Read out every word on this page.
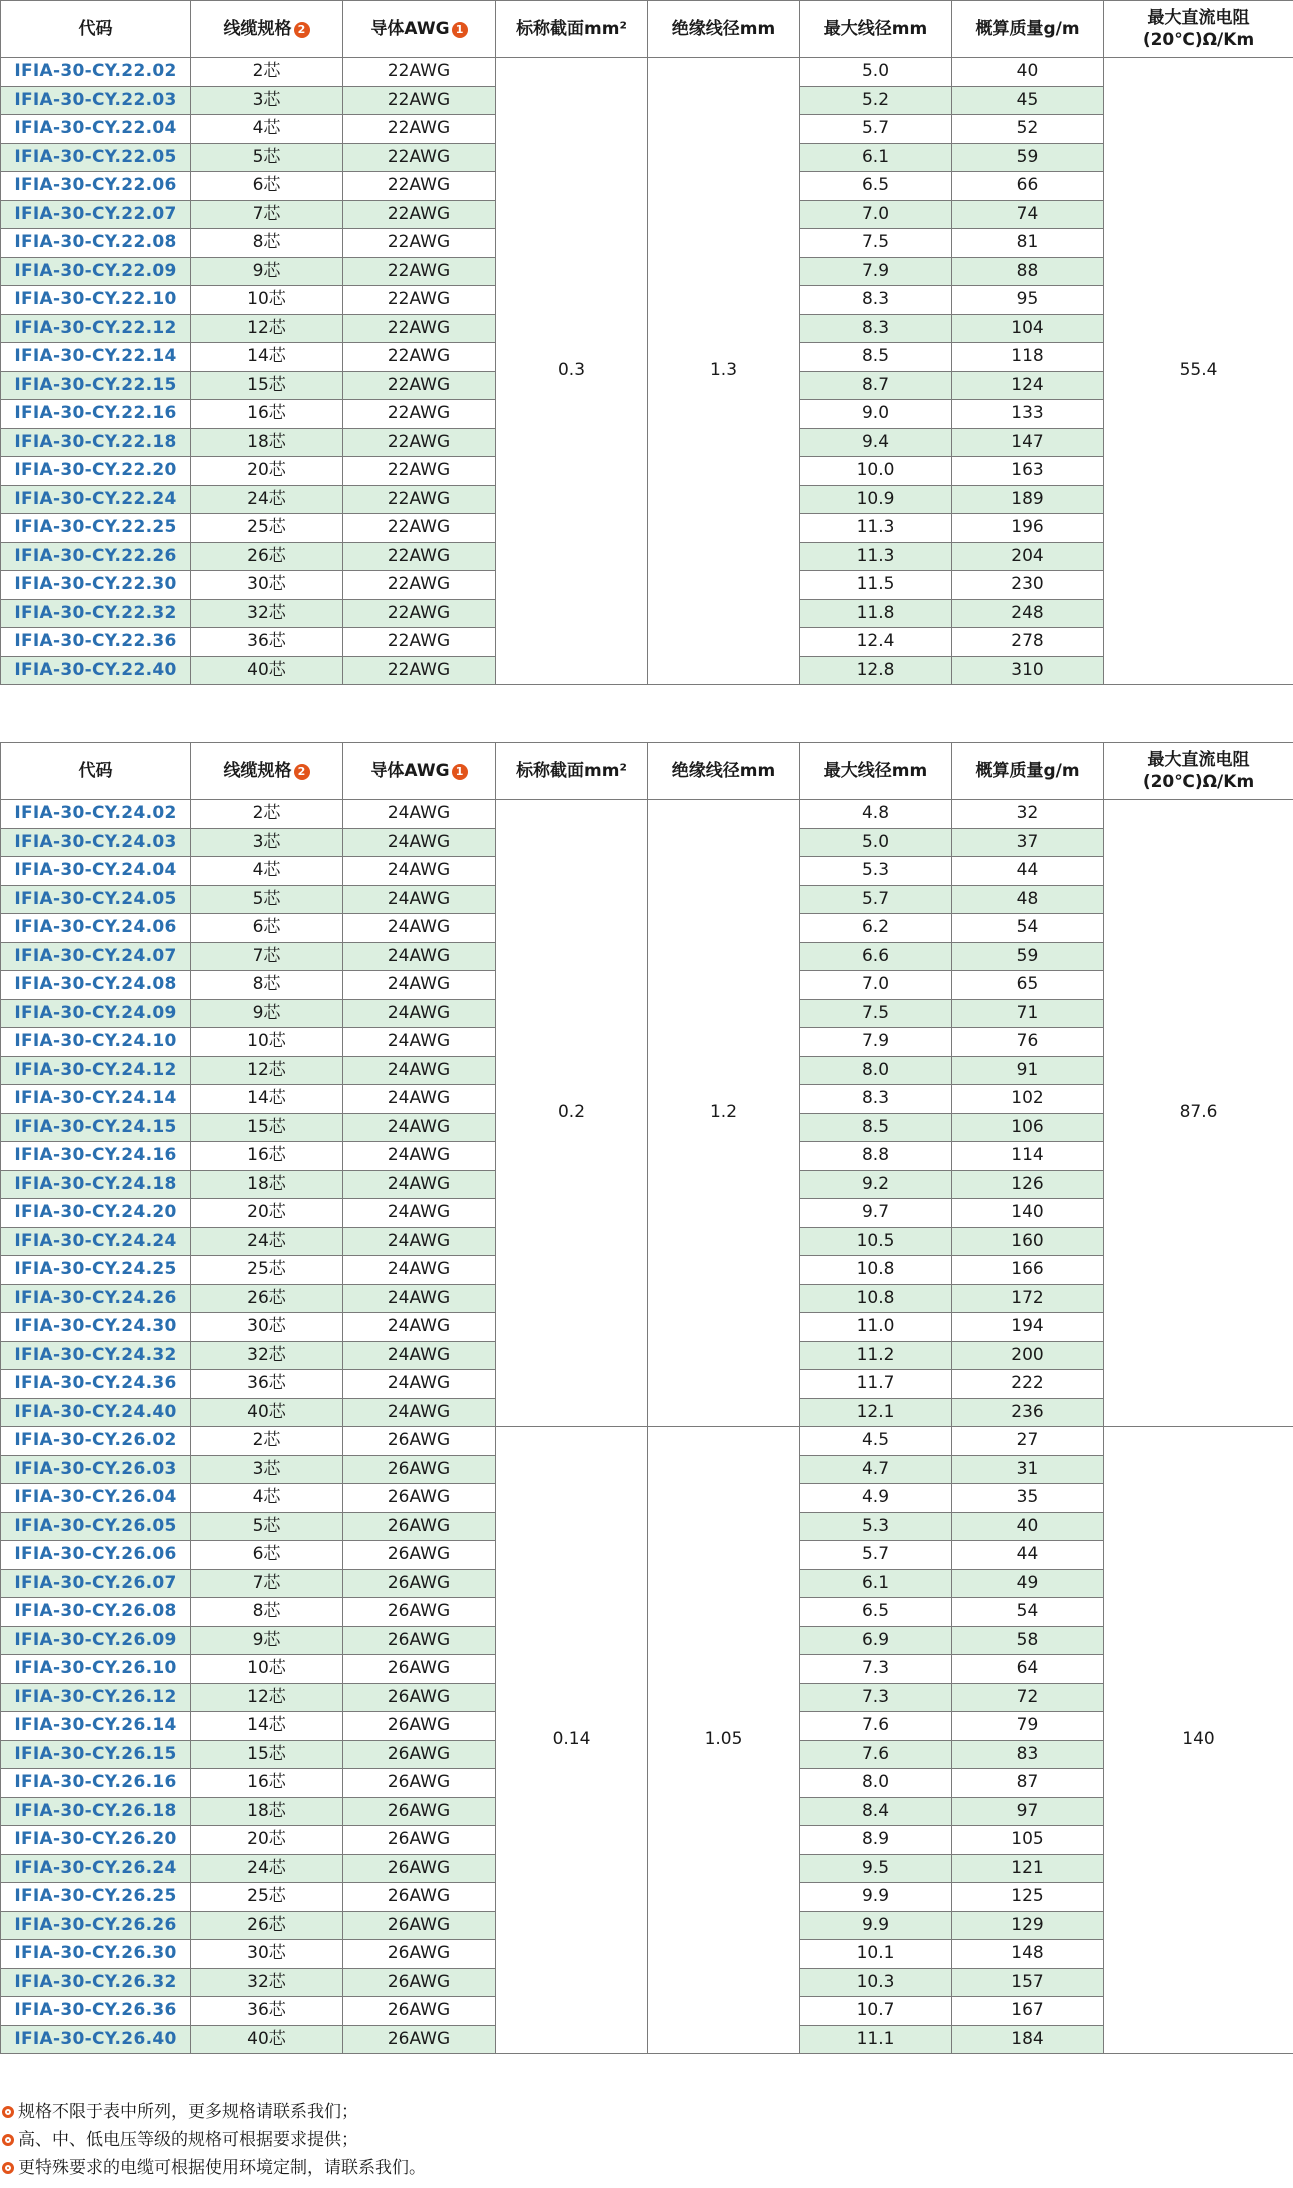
代码	线缆规格 2	导体AWG 1	标称截面mm²	绝缘线径mm	最大线径mm	概算质量g/m	最大直流电阻
(20℃)Ω/Km
IFIA-30-CY.22.02	2芯	22AWG	0.3	1.3	5.0	40	55.4
IFIA-30-CY.22.03	3芯	22AWG			5.2	45	
IFIA-30-CY.22.04	4芯	22AWG			5.7	52	
IFIA-30-CY.22.05	5芯	22AWG			6.1	59	
IFIA-30-CY.22.06	6芯	22AWG			6.5	66	
IFIA-30-CY.22.07	7芯	22AWG			7.0	74	
IFIA-30-CY.22.08	8芯	22AWG			7.5	81	
IFIA-30-CY.22.09	9芯	22AWG			7.9	88	
IFIA-30-CY.22.10	10芯	22AWG			8.3	95	
IFIA-30-CY.22.12	12芯	22AWG			8.3	104	
IFIA-30-CY.22.14	14芯	22AWG			8.5	118	
IFIA-30-CY.22.15	15芯	22AWG			8.7	124	
IFIA-30-CY.22.16	16芯	22AWG			9.0	133	
IFIA-30-CY.22.18	18芯	22AWG			9.4	147	
IFIA-30-CY.22.20	20芯	22AWG			10.0	163	
IFIA-30-CY.22.24	24芯	22AWG			10.9	189	
IFIA-30-CY.22.25	25芯	22AWG			11.3	196	
IFIA-30-CY.22.26	26芯	22AWG			11.3	204	
IFIA-30-CY.22.30	30芯	22AWG			11.5	230	
IFIA-30-CY.22.32	32芯	22AWG			11.8	248	
IFIA-30-CY.22.36	36芯	22AWG			12.4	278	
IFIA-30-CY.22.40	40芯	22AWG			12.8	310	
代码	线缆规格 2	导体AWG 1	标称截面mm²	绝缘线径mm	最大线径mm	概算质量g/m	最大直流电阻
(20℃)Ω/Km
IFIA-30-CY.24.02	2芯	24AWG	0.2	1.2	4.8	32	87.6
IFIA-30-CY.24.03	3芯	24AWG			5.0	37	
IFIA-30-CY.24.04	4芯	24AWG			5.3	44	
IFIA-30-CY.24.05	5芯	24AWG			5.7	48	
IFIA-30-CY.24.06	6芯	24AWG			6.2	54	
IFIA-30-CY.24.07	7芯	24AWG			6.6	59	
IFIA-30-CY.24.08	8芯	24AWG			7.0	65	
IFIA-30-CY.24.09	9芯	24AWG			7.5	71	
IFIA-30-CY.24.10	10芯	24AWG			7.9	76	
IFIA-30-CY.24.12	12芯	24AWG			8.0	91	
IFIA-30-CY.24.14	14芯	24AWG			8.3	102	
IFIA-30-CY.24.15	15芯	24AWG			8.5	106	
IFIA-30-CY.24.16	16芯	24AWG			8.8	114	
IFIA-30-CY.24.18	18芯	24AWG			9.2	126	
IFIA-30-CY.24.20	20芯	24AWG			9.7	140	
IFIA-30-CY.24.24	24芯	24AWG			10.5	160	
IFIA-30-CY.24.25	25芯	24AWG			10.8	166	
IFIA-30-CY.24.26	26芯	24AWG			10.8	172	
IFIA-30-CY.24.30	30芯	24AWG			11.0	194	
IFIA-30-CY.24.32	32芯	24AWG			11.2	200	
IFIA-30-CY.24.36	36芯	24AWG			11.7	222	
IFIA-30-CY.24.40	40芯	24AWG			12.1	236	
IFIA-30-CY.26.02	2芯	26AWG	0.14	1.05	4.5	27	140
IFIA-30-CY.26.03	3芯	26AWG			4.7	31	
IFIA-30-CY.26.04	4芯	26AWG			4.9	35	
IFIA-30-CY.26.05	5芯	26AWG			5.3	40	
IFIA-30-CY.26.06	6芯	26AWG			5.7	44	
IFIA-30-CY.26.07	7芯	26AWG			6.1	49	
IFIA-30-CY.26.08	8芯	26AWG			6.5	54	
IFIA-30-CY.26.09	9芯	26AWG			6.9	58	
IFIA-30-CY.26.10	10芯	26AWG			7.3	64	
IFIA-30-CY.26.12	12芯	26AWG			7.3	72	
IFIA-30-CY.26.14	14芯	26AWG			7.6	79	
IFIA-30-CY.26.15	15芯	26AWG			7.6	83	
IFIA-30-CY.26.16	16芯	26AWG			8.0	87	
IFIA-30-CY.26.18	18芯	26AWG			8.4	97	
IFIA-30-CY.26.20	20芯	26AWG			8.9	105	
IFIA-30-CY.26.24	24芯	26AWG			9.5	121	
IFIA-30-CY.26.25	25芯	26AWG			9.9	125	
IFIA-30-CY.26.26	26芯	26AWG			9.9	129	
IFIA-30-CY.26.30	30芯	26AWG			10.1	148	
IFIA-30-CY.26.32	32芯	26AWG			10.3	157	
IFIA-30-CY.26.36	36芯	26AWG			10.7	167	
IFIA-30-CY.26.40	40芯	26AWG			11.1	184	
规格不限于表中所列，更多规格请联系我们；
高、中、低电压等级的规格可根据要求提供；
更特殊要求的电缆可根据使用环境定制，请联系我们。
